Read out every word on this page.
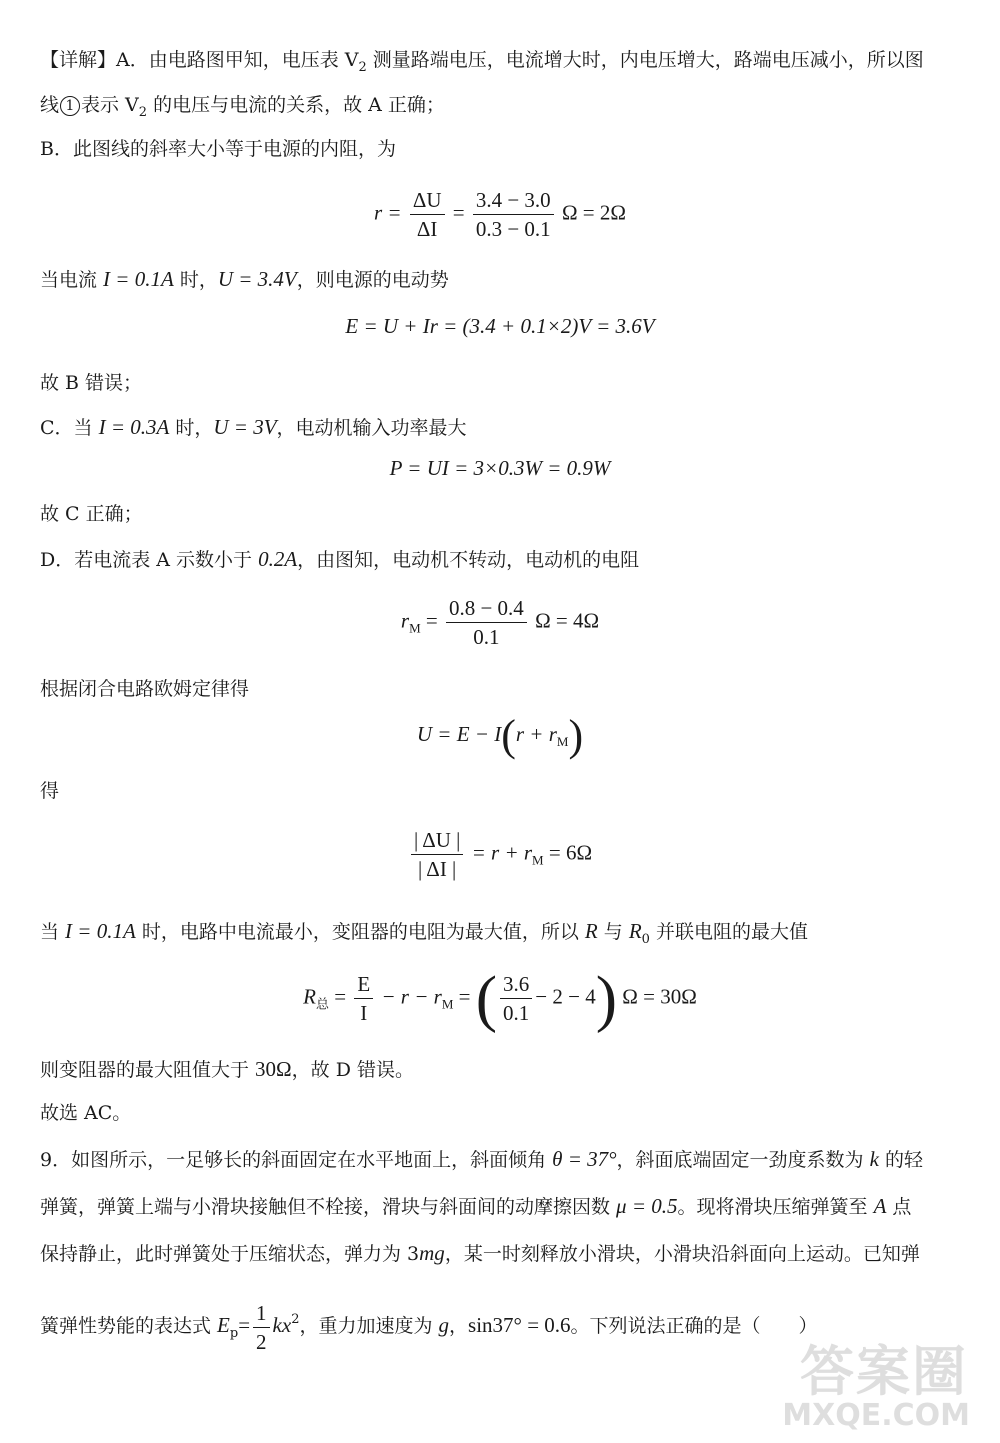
【详解】A．由电路图甲知，电压表 $V_2$ 测量路端电压，电流增大时，内电压增大，路端电压减小，所以图
线 1 表示 $V_2$ 的电压与电流的关系，故 A 正确；
B．此图线的斜率大小等于电源的内阻，为
$r = \frac{\Delta U}{\Delta I} = \frac{3.4 - 3.0}{0.3 - 0.1}$ Ω = 2Ω
当电流 I = 0.1A 时，U = 3.4V，则电源的电动势
E = U + Ir = (3.4 + 0.1×2)V = 3.6V
故 B 错误；
C．当 I = 0.3A 时，U = 3V，电动机输入功率最大
P = UI = 3×0.3W = 0.9W
故 C 正确；
D．若电流表 A 示数小于 0.2A，由图知，电动机不转动，电动机的电阻
$r_M = \frac{0.8 - 0.4}{0.1}$ Ω = 4Ω
根据闭合电路欧姆定律得
$U = E - I(r + r_M)$
得
$\frac{| \Delta U |}{| \Delta I |} = r + r_M = 6\Omega$
当 I = 0.1A 时，电路中电流最小，变阻器的电阻为最大值，所以 R 与 $R_0$ 并联电阻的最大值
$R_总 = \frac{E}{I} - r - r_M$ = ( $\frac{3.6}{0.1} - 2 - 4$) Ω = 30Ω
则变阻器的最大阻值大于 30Ω，故 D 错误。
故选 AC。
9．如图所示，一足够长的斜面固定在水平地面上，斜面倾角 θ = 37°，斜面底端固定一劲度系数为 k 的轻
弹簧，弹簧上端与小滑块接触但不栓接，滑块与斜面间的动摩擦因数 μ = 0.5。现将滑块压缩弹簧至 A 点
保持静止，此时弹簧处于压缩状态，弹力为 3mg，某一时刻释放小滑块，小滑块沿斜面向上运动。已知弹
簧弹性势能的表达式 $E_p= \frac{1}{2} kx^2$，重力加速度为 g，sin37° = 0.6。下列说法正确的是（　　）
答案圈
MXQE.COM
